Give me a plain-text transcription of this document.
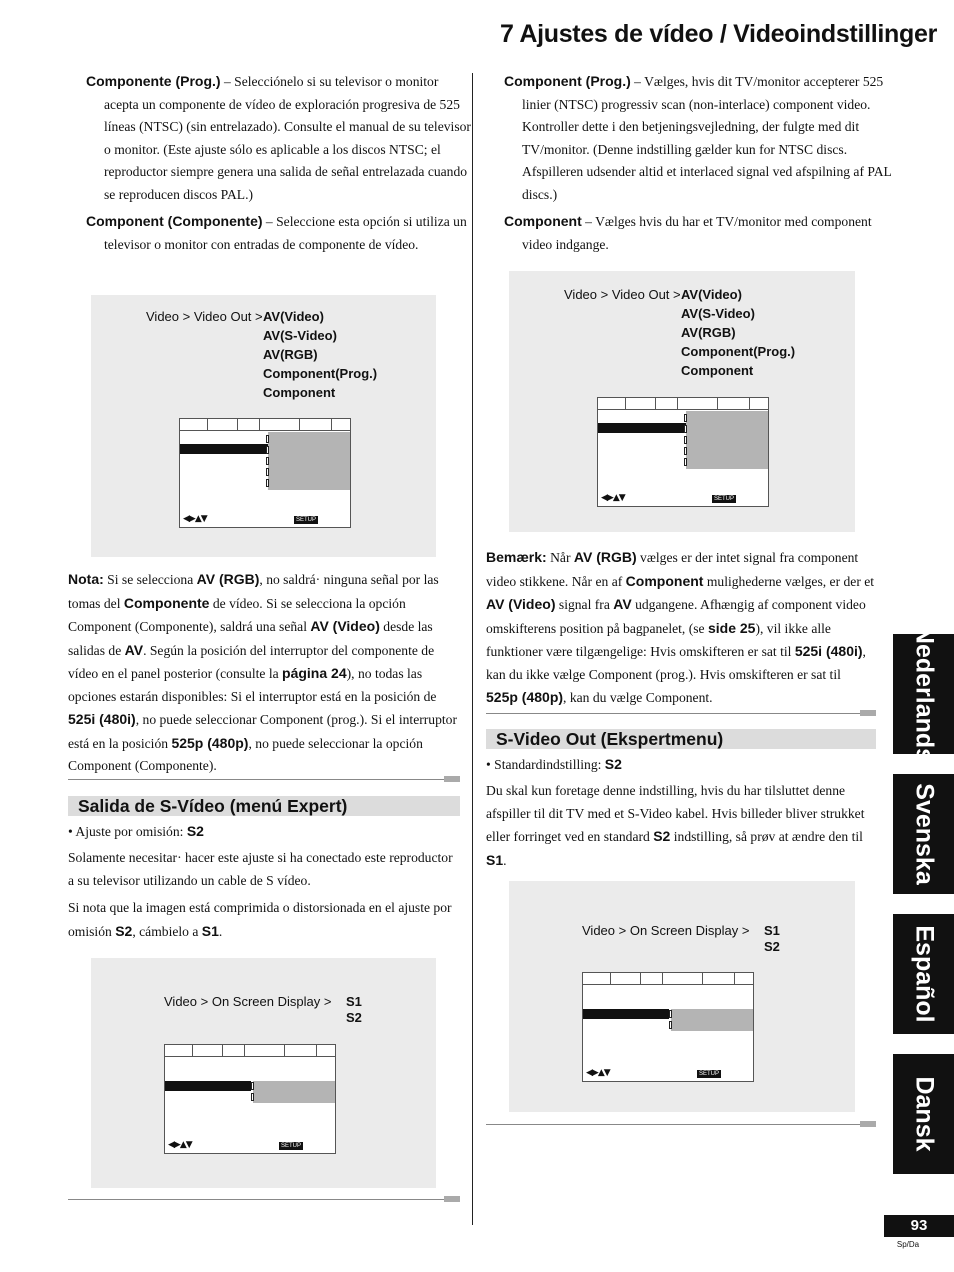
7 Ajustes de vídeo / Videoindstillinger

Componente (Prog.) – Selecciónelo si su televisor o monitor acepta un componente de vídeo de exploración progresiva de 525 líneas (NTSC) (sin entrelazado). Consulte el manual de su televisor o monitor. (Este ajuste sólo es aplicable a los discos NTSC; el reproductor siempre genera una salida de señal entrelazada cuando se reproducen discos PAL.)

Component (Componente) – Seleccione esta opción si utiliza un televisor o monitor con entradas de componente de vídeo.

Video > Video Out > AV(Video)
AV(S-Video)
AV(RGB)
Component(Prog.)
Component
◀▶▲▼	SETUP

Nota: Si se selecciona AV (RGB), no saldrá· ninguna señal por las tomas del Componente de vídeo. Si se selecciona la opción Component (Componente), saldrá una señal AV (Video) desde las salidas de AV. Según la posición del interruptor del componente de vídeo en el panel posterior (consulte la página 24), no todas las opciones estarán disponibles: Si el interruptor está en la posición de 525i (480i), no puede seleccionar Component (prog.). Si el interruptor está en la posición 525p (480p), no puede seleccionar la opción Component (Componente).

Salida de S-Vídeo (menú Expert)

• Ajuste por omisión: S2

Solamente necesitar· hacer este ajuste si ha conectado este reproductor a su televisor utilizando un cable de S vídeo.

Si nota que la imagen está comprimida o distorsionada en el ajuste por omisión S2, cámbielo a S1.

Video > On Screen Display > S1
S2
◀▶▲▼	SETUP

Component (Prog.) – Vælges, hvis dit TV/monitor accepterer 525 linier (NTSC) progressiv scan (non-interlace) component video. Kontroller dette i den betjeningsvejledning, der fulgte med dit TV/monitor. (Denne indstilling gælder kun for NTSC discs. Afspilleren udsender altid et interlaced signal ved afspilning af PAL discs.)

Component – Vælges hvis du har et TV/monitor med component video indgange.

Video > Video Out > AV(Video)
AV(S-Video)
AV(RGB)
Component(Prog.)
Component
◀▶▲▼	SETUP

Bemærk: Når AV (RGB) vælges er der intet signal fra component video stikkene. Når en af Component mulighederne vælges, er der et AV (Video) signal fra AV udgangene. Afhængig af component video omskifterens position på bagpanelet, (se side 25), vil ikke alle funktioner være tilgængelige: Hvis omskifteren er sat til 525i (480i), kan du ikke vælge Component (prog.). Hvis omskifteren er sat til 525p (480p), kan du vælge Component.

S-Video Out (Ekspertmenu)

• Standardindstilling: S2

Du skal kun foretage denne indstilling, hvis du har tilsluttet denne afspiller til dit TV med et S-Video kabel. Hvis billeder bliver strukket eller forringet ved en standard S2 indstilling, så prøv at ændre den til S1.

Video > On Screen Display > S1
S2
◀▶▲▼	SETUP
Nederlands
Svenska
Español
Dansk
93
Sp/Da
